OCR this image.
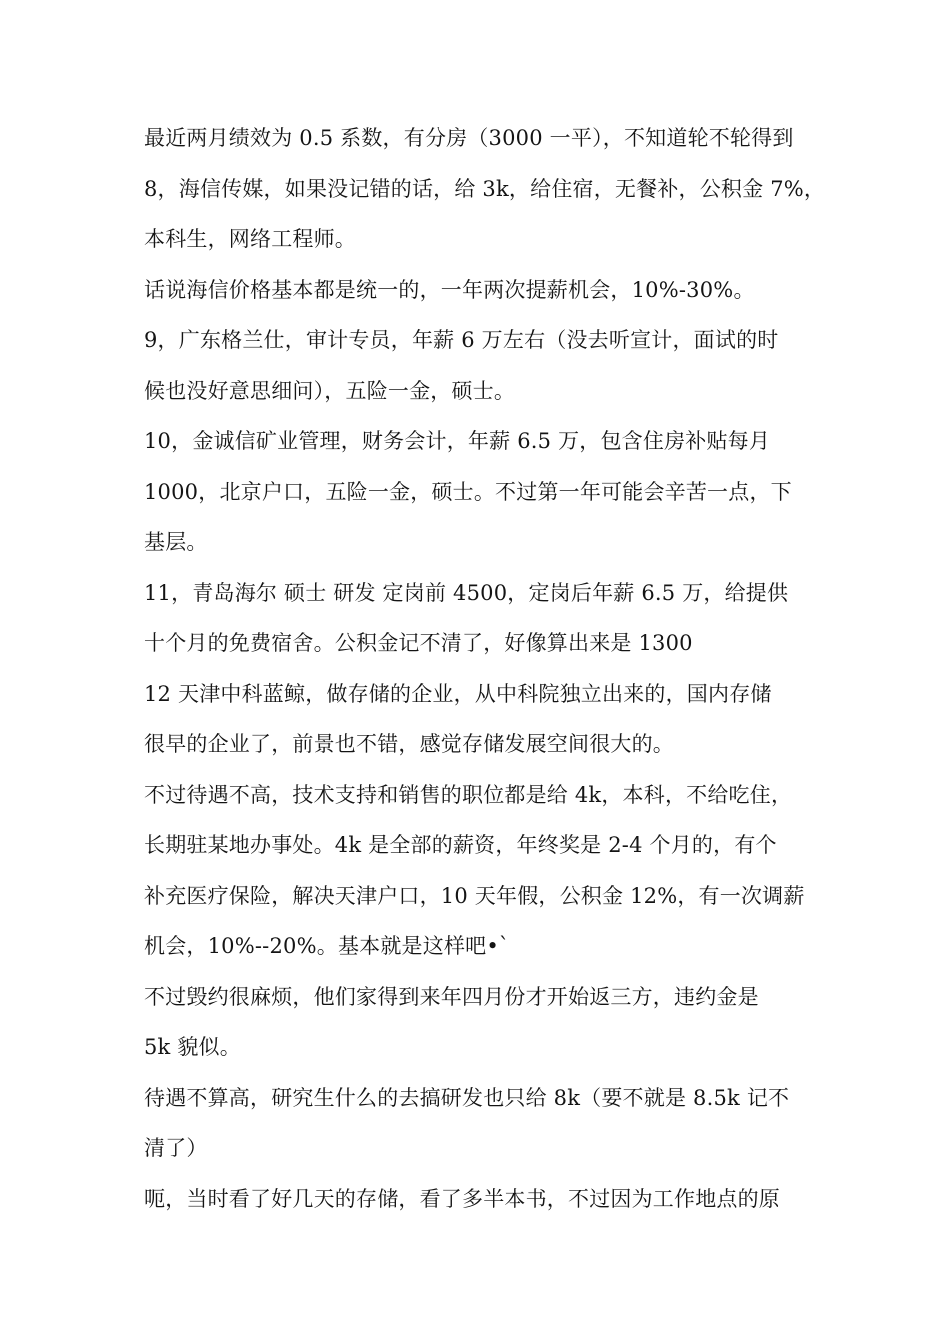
最近两月绩效为 0.5 系数，有分房（3000 一平），不知道轮不轮得到
8，海信传媒，如果没记错的话，给 3k，给住宿，无餐补，公积金 7%，
本科生，网络工程师。
话说海信价格基本都是统一的，一年两次提薪机会，10%-30%。
9，广东格兰仕，审计专员，年薪 6 万左右（没去听宣计，面试的时
候也没好意思细问），五险一金，硕士。
10，金诚信矿业管理，财务会计，年薪 6.5 万，包含住房补贴每月
1000，北京户口，五险一金，硕士。不过第一年可能会辛苦一点，下
基层。
11，青岛海尔 硕士 研发 定岗前 4500，定岗后年薪 6.5 万，给提供
十个月的免费宿舍。公积金记不清了，好像算出来是 1300
12 天津中科蓝鲸，做存储的企业，从中科院独立出来的，国内存储
很早的企业了，前景也不错，感觉存储发展空间很大的。
不过待遇不高，技术支持和销售的职位都是给 4k，本科，不给吃住，
长期驻某地办事处。4k 是全部的薪资，年终奖是 2-4 个月的，有个
补充医疗保险，解决天津户口，10 天年假，公积金 12%，有一次调薪
机会，10%--20%。基本就是这样吧•`
不过毁约很麻烦，他们家得到来年四月份才开始返三方，违约金是
5k 貌似。
待遇不算高，研究生什么的去搞研发也只给 8k（要不就是 8.5k 记不
清了）
呃，当时看了好几天的存储，看了多半本书，不过因为工作地点的原
